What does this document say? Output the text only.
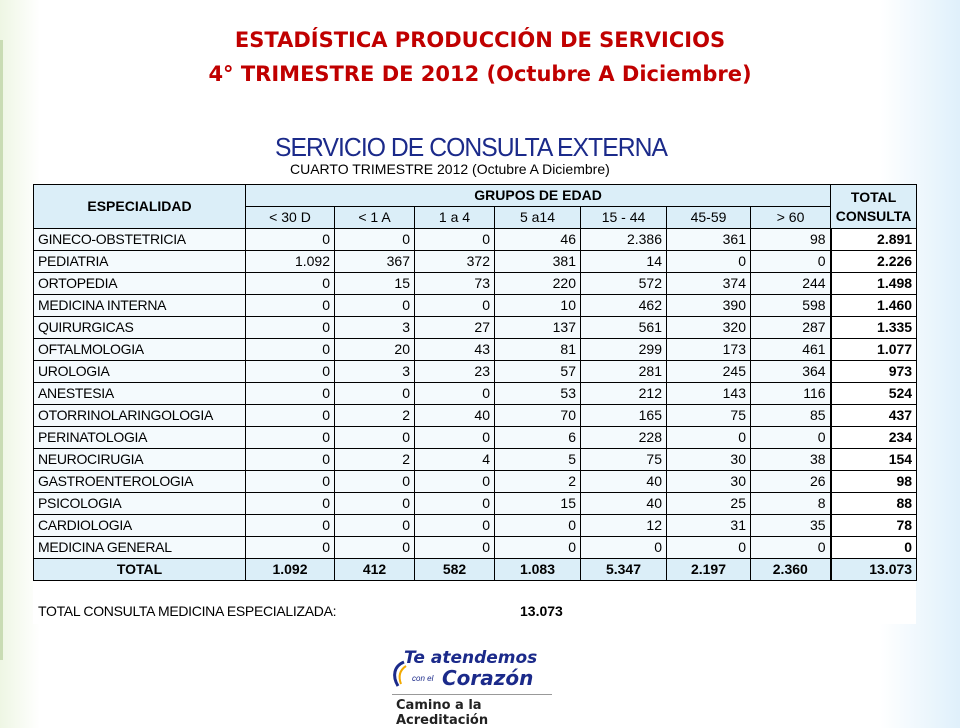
ESTADÍSTICA PRODUCCIÓN DE SERVICIOS
4° TRIMESTRE DE 2012 (Octubre A Diciembre)
SERVICIO DE CONSULTA EXTERNA
CUARTO TRIMESTRE 2012 (Octubre A Diciembre)
ESPECIALIDAD	GRUPOS DE EDAD							TOTAL
CONSULTA

	< 30 D	< 1 A	1 a 4	5 a14	15 - 44	45-59	> 60	
GINECO-OBSTETRICIA	0	0	0	46	2.386	361	98	2.891
PEDIATRIA	1.092	367	372	381	14	0	0	2.226
ORTOPEDIA	0	15	73	220	572	374	244	1.498
MEDICINA INTERNA	0	0	0	10	462	390	598	1.460
QUIRURGICAS	0	3	27	137	561	320	287	1.335
OFTALMOLOGIA	0	20	43	81	299	173	461	1.077
UROLOGIA	0	3	23	57	281	245	364	973
ANESTESIA	0	0	0	53	212	143	116	524
OTORRINOLARINGOLOGIA	0	2	40	70	165	75	85	437
PERINATOLOGIA	0	0	0	6	228	0	0	234
NEUROCIRUGIA	0	2	4	5	75	30	38	154
GASTROENTEROLOGIA	0	0	0	2	40	30	26	98
PSICOLOGIA	0	0	0	15	40	25	8	88
CARDIOLOGIA	0	0	0	0	12	31	35	78
MEDICINA GENERAL	0	0	0	0	0	0	0	0
TOTAL	1.092	412	582	1.083	5.347	2.197	2.360	13.073
TOTAL CONSULTA MEDICINA ESPECIALIZADA:	13.073
Te atendemos
con el Corazón
Camino a la Acreditación
